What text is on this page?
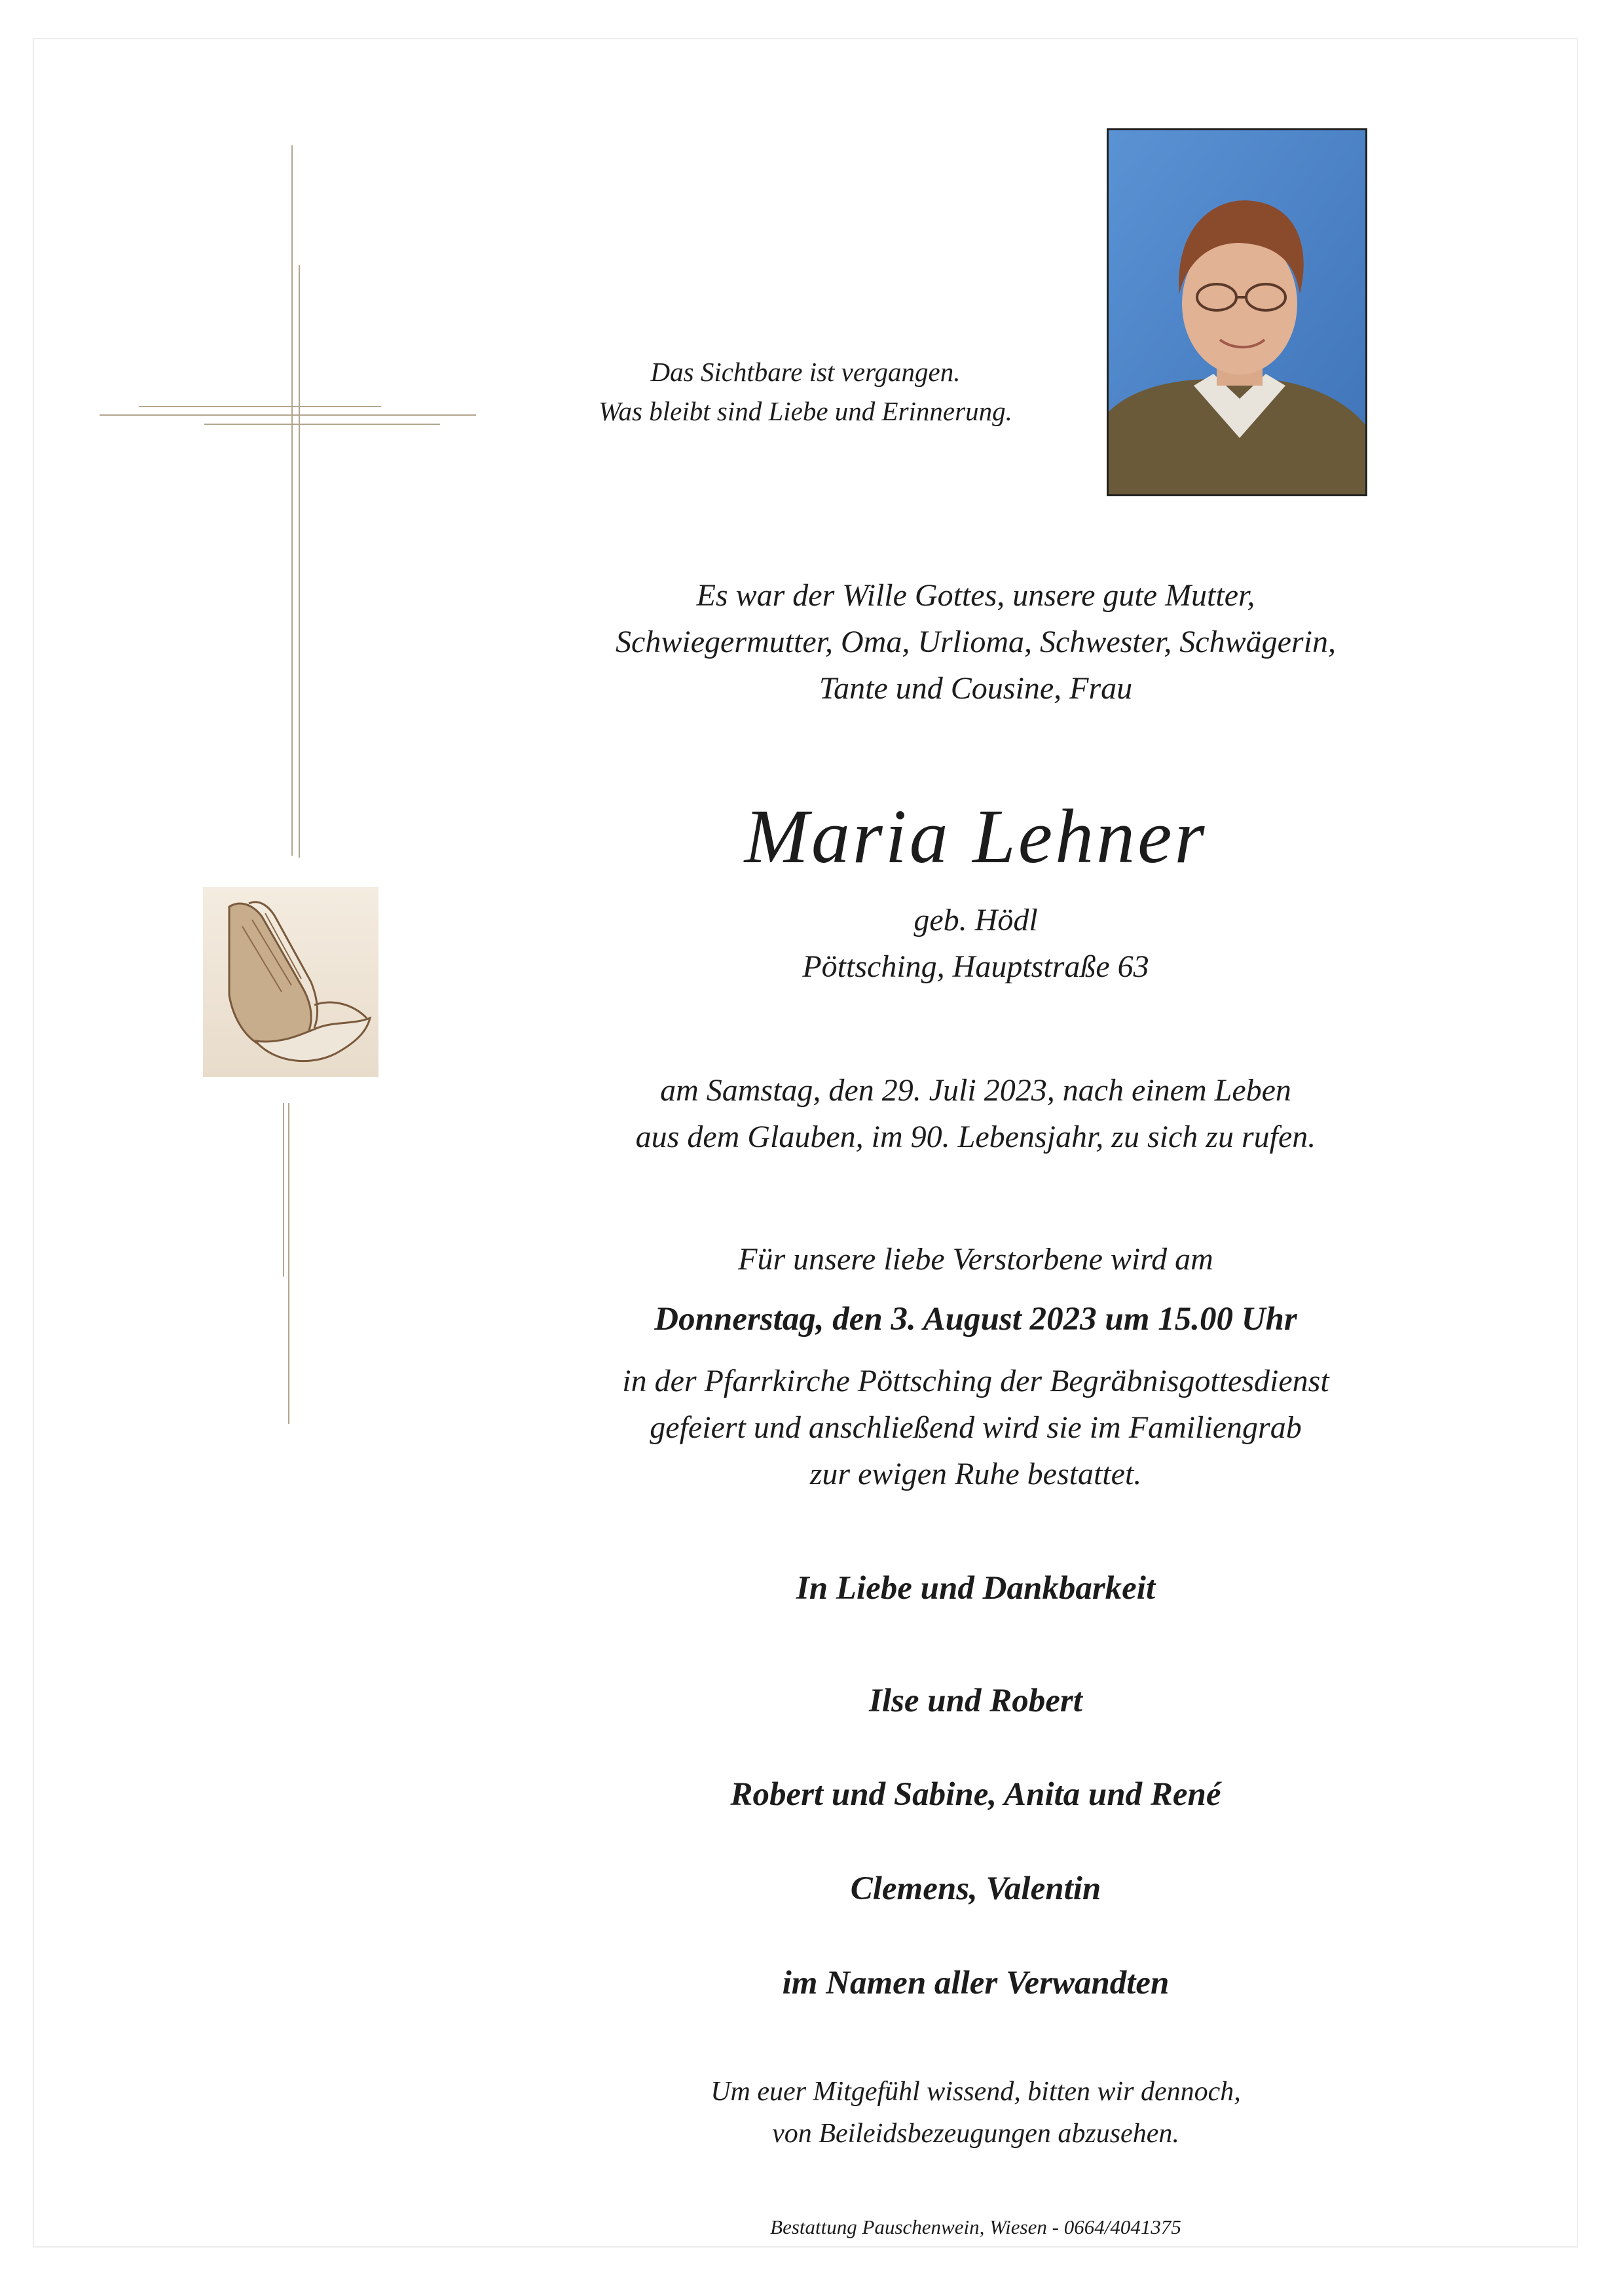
Das Sichtbare ist vergangen.
Was bleibt sind Liebe und Erinnerung.
Es war der Wille Gottes, unsere gute Mutter,
Schwiegermutter, Oma, Urlioma, Schwester, Schwägerin,
Tante und Cousine, Frau
Maria Lehner
geb. Hödl
Pöttsching, Hauptstraße 63
am Samstag, den 29. Juli 2023, nach einem Leben
aus dem Glauben, im 90. Lebensjahr, zu sich zu rufen.
Für unsere liebe Verstorbene wird am
Donnerstag, den 3. August 2023 um 15.00 Uhr
in der Pfarrkirche Pöttsching der Begräbnisgottesdienst
gefeiert und anschließend wird sie im Familiengrab
zur ewigen Ruhe bestattet.
In Liebe und Dankbarkeit
Ilse und Robert
Robert und Sabine, Anita und René
Clemens, Valentin
im Namen aller Verwandten
Um euer Mitgefühl wissend, bitten wir dennoch,
von Beileidsbezeugungen abzusehen.
Bestattung Pauschenwein, Wiesen - 0664/4041375
